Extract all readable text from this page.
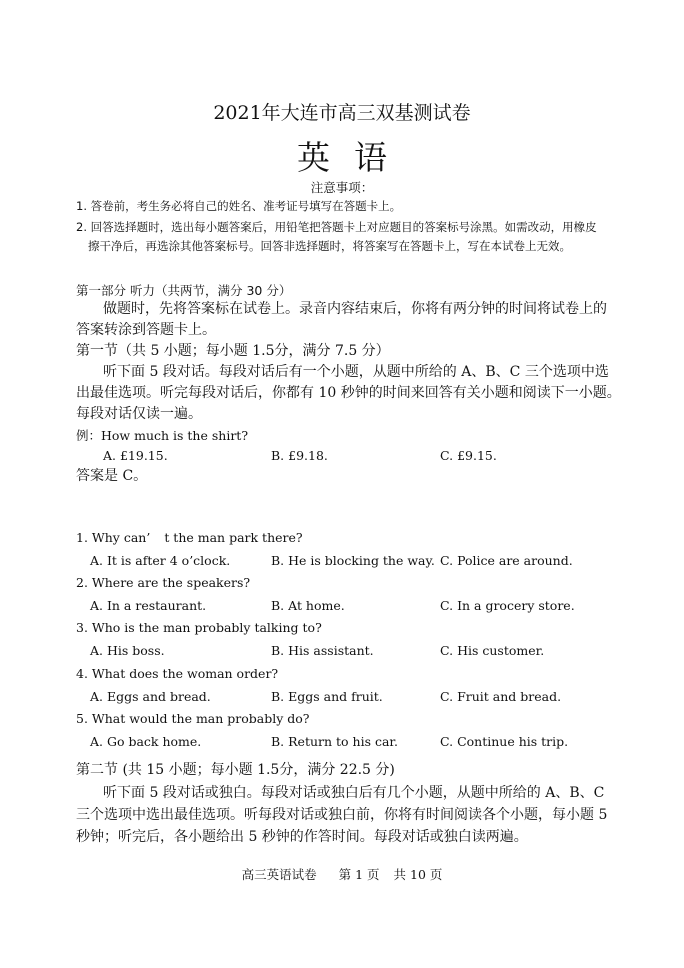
2021年大连市高三双基测试卷
英语
注意事项：
1. 答卷前，考生务必将自己的姓名、准考证号填写在答题卡上。
2. 回答选择题时，选出每小题答案后，用铅笔把答题卡上对应题目的答案标号涂黑。如需改动，用橡皮
擦干净后，再选涂其他答案标号。回答非选择题时，将答案写在答题卡上，写在本试卷上无效。
第一部分 听力（共两节，满分 30 分）
做题时，先将答案标在试卷上。录音内容结束后，你将有两分钟的时间将试卷上的
答案转涂到答题卡上。
第一节（共 5 小题；每小题 1.5分，满分 7.5 分）
听下面 5 段对话。每段对话后有一个小题，从题中所给的 A、B、C 三个选项中选
出最佳选项。听完每段对话后，你都有 10 秒钟的时间来回答有关小题和阅读下一小题。
每段对话仅读一遍。
例：How much is the shirt?
A. £19.15.	B. £9.18.	C. £9.15.
答案是 C。
1. Why can’ t the man park there?
A. It is after 4 o’clock.	B. He is blocking the way. C. Police are around.
2. Where are the speakers?
A. In a restaurant.	B. At home.	C. In a grocery store.
3. Who is the man probably talking to?
A. His boss.	B. His assistant.	C. His customer.
4. What does the woman order?
A. Eggs and bread.	B. Eggs and fruit.	C. Fruit and bread.
5. What would the man probably do?
A. Go back home.	B. Return to his car.	C. Continue his trip.
第二节 (共 15 小题；每小题 1.5分，满分 22.5 分)
听下面 5 段对话或独白。每段对话或独白后有几个小题，从题中所给的 A、B、C
三个选项中选出最佳选项。听每段对话或独白前，你将有时间阅读各个小题，每小题 5
秒钟；听完后，各小题给出 5 秒钟的作答时间。每段对话或独白读两遍。
高三英语试卷 第 1 页 共 10 页
